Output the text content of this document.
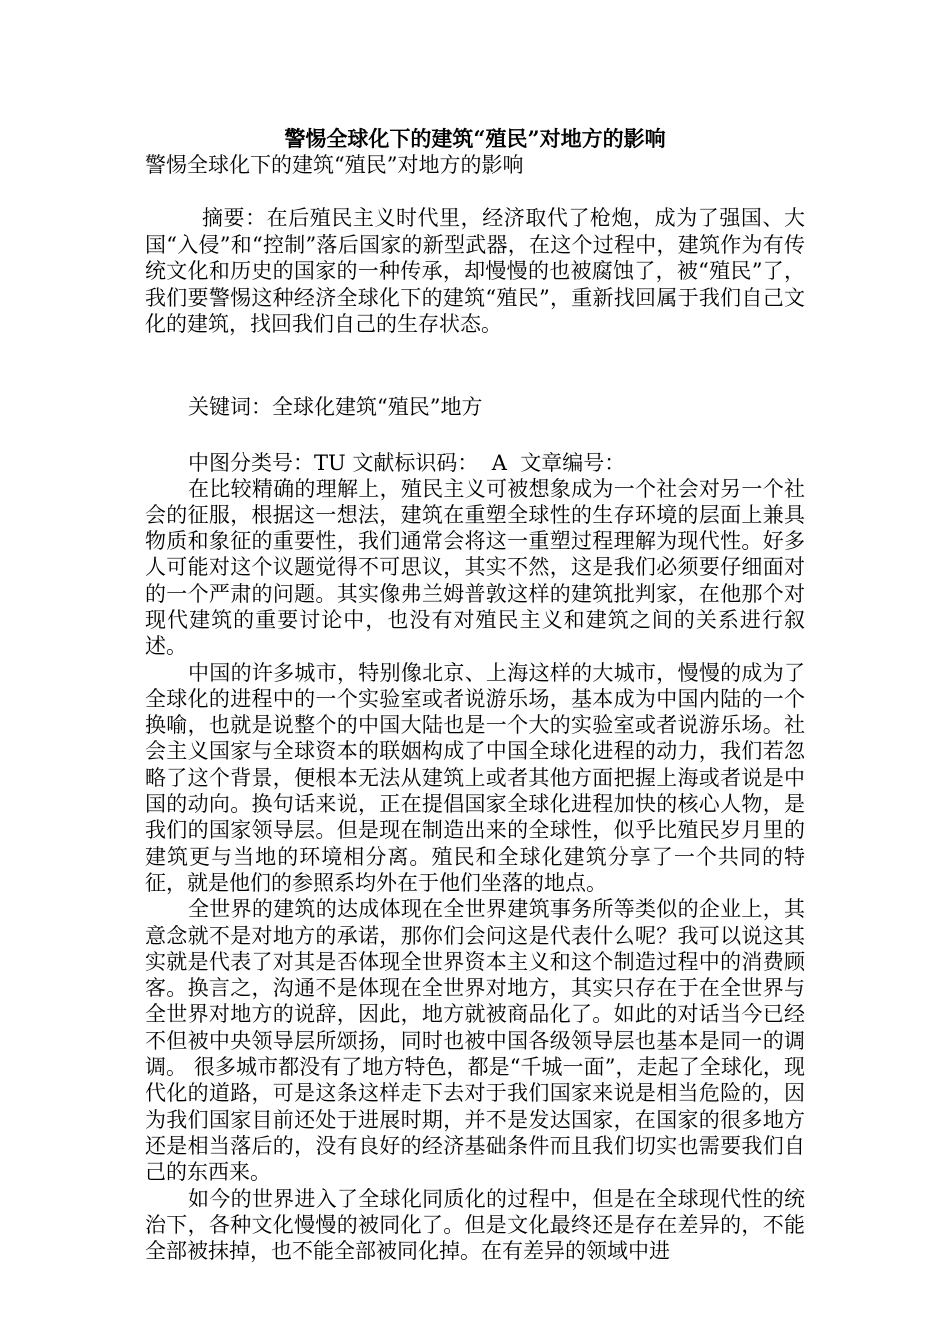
警惕全球化下的建筑“殖民”对地方的影响

警惕全球化下的建筑“殖民”对地方的影响

摘要：在后殖民主义时代里，经济取代了枪炮，成为了强国、大国“入侵”和“控制”落后国家的新型武器，在这个过程中，建筑作为有传统文化和历史的国家的一种传承，却慢慢的也被腐蚀了，被“殖民”了，我们要警惕这种经济全球化下的建筑“殖民”，重新找回属于我们自己文化的建筑，找回我们自己的生存状态。

关键词：全球化建筑“殖民”地方

中图分类号：TU 文献标识码：  A  文章编号：

在比较精确的理解上，殖民主义可被想象成为一个社会对另一个社会的征服，根据这一想法，建筑在重塑全球性的生存环境的层面上兼具物质和象征的重要性，我们通常会将这一重塑过程理解为现代性。好多人可能对这个议题觉得不可思议，其实不然，这是我们必须要仔细面对的一个严肃的问题。其实像弗兰姆普敦这样的建筑批判家，在他那个对现代建筑的重要讨论中，也没有对殖民主义和建筑之间的关系进行叙述。

中国的许多城市，特别像北京、上海这样的大城市，慢慢的成为了全球化的进程中的一个实验室或者说游乐场，基本成为中国内陆的一个换喻，也就是说整个的中国大陆也是一个大的实验室或者说游乐场。社会主义国家与全球资本的联姻构成了中国全球化进程的动力，我们若忽略了这个背景，便根本无法从建筑上或者其他方面把握上海或者说是中国的动向。换句话来说，正在提倡国家全球化进程加快的核心人物，是我们的国家领导层。但是现在制造出来的全球性，似乎比殖民岁月里的建筑更与当地的环境相分离。殖民和全球化建筑分享了一个共同的特征，就是他们的参照系均外在于他们坐落的地点。

全世界的建筑的达成体现在全世界建筑事务所等类似的企业上，其意念就不是对地方的承诺，那你们会问这是代表什么呢？我可以说这其实就是代表了对其是否体现全世界资本主义和这个制造过程中的消费顾客。换言之，沟通不是体现在全世界对地方，其实只存在于在全世界与全世界对地方的说辞，因此，地方就被商品化了。如此的对话当今已经不但被中央领导层所颂扬，同时也被中国各级领导层也基本是同一的调调。 很多城市都没有了地方特色，都是“千城一面”，走起了全球化，现代化的道路，可是这条这样走下去对于我们国家来说是相当危险的，因为我们国家目前还处于进展时期，并不是发达国家，在国家的很多地方还是相当落后的，没有良好的经济基础条件而且我们切实也需要我们自己的东西来。

如今的世界进入了全球化同质化的过程中，但是在全球现代性的统治下，各种文化慢慢的被同化了。但是文化最终还是存在差异的，不能全部被抹掉，也不能全部被同化掉。在有差异的领域中进
